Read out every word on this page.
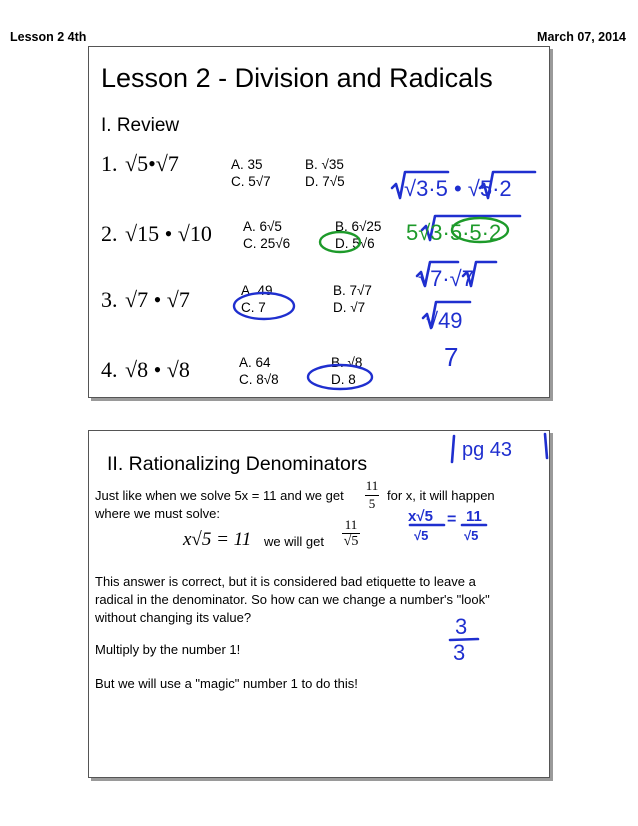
Lesson 2 4th	March 07, 2014
Lesson 2 - Division and Radicals
I. Review
1. √5•√7	A. 35	B. √35
C. 5√7	D. 7√5
2. √15 • √10 A. 6√5	B. 6√25
C. 25√6	D. 5√6
3. √7 • √7	A. 49	B. 7√7
C. 7	D. √7
4. √8 • √8	A. 64	B. √8
C. 8√8	D. 8
II. Rationalizing Denominators
Just like when we solve 5x = 11 and we get
11
5
for x, it will happen
where we must solve:
x√5 = 11 we will get
11
√5
This answer is correct, but it is considered bad etiquette to leave a
radical in the denominator. So how can we change a number's "look"
without changing its value?
Multiply by the number 1!
But we will use a "magic" number 1 to do this!
√3·5 • √5·2
5√3·5·5·2
√7·√7
√49
7
pg 43
x√5
√5
= 11
√5
3
3
